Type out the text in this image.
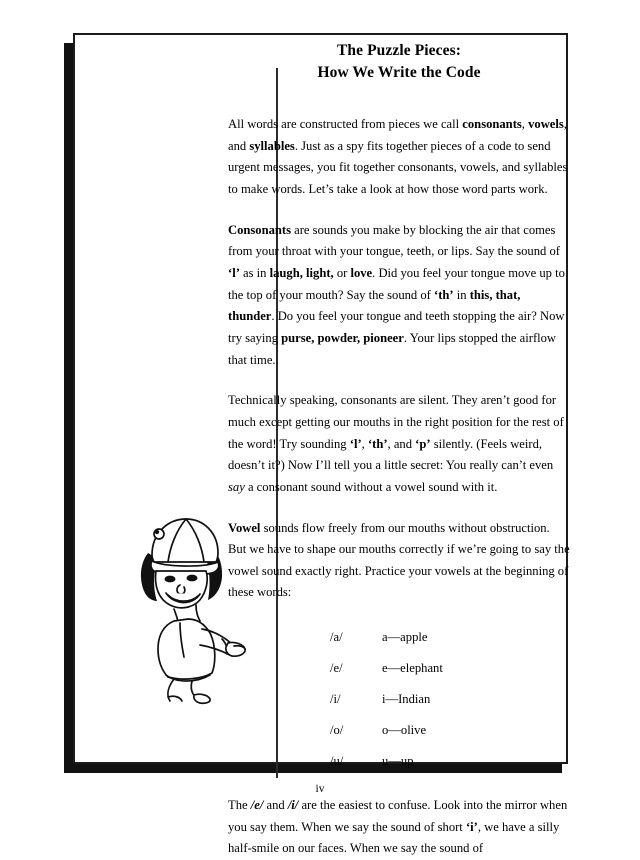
The Puzzle Pieces:
How We Write the Code

All words are constructed from pieces we call consonants, vowels, and syllables. Just as a spy fits together pieces of a code to send urgent messages, you fit together consonants, vowels, and syllables to make words. Let’s take a look at how those word parts work.

Consonants are sounds you make by blocking the air that comes from your throat with your tongue, teeth, or lips. Say the sound of ‘l’ as in laugh, light, or love. Did you feel your tongue move up to the top of your mouth? Say the sound of ‘th’ in this, that, thunder. Do you feel your tongue and teeth stopping the air? Now try saying purse, powder, pioneer. Your lips stopped the airflow that time.

Technically speaking, consonants are silent. They aren’t good for much except getting our mouths in the right position for the rest of the word! Try sounding ‘l’, ‘th’, and ‘p’ silently. (Feels weird, doesn’t it?) Now I’ll tell you a little secret: You really can’t even say a consonant sound without a vowel sound with it.

Vowel sounds flow freely from our mouths without obstruction. But we have to shape our mouths correctly if we’re going to say the vowel sound exactly right. Practice your vowels at the beginning of these words:

/a/	a—apple
/e/	e—elephant
/i/	i—Indian
/o/	o—olive
/u/	u—up

The /e/ and /i/ are the easiest to confuse. Look into the mirror when you say them. When we say the sound of short ‘i’, we have a silly half-smile on our faces. When we say the sound of

iv
